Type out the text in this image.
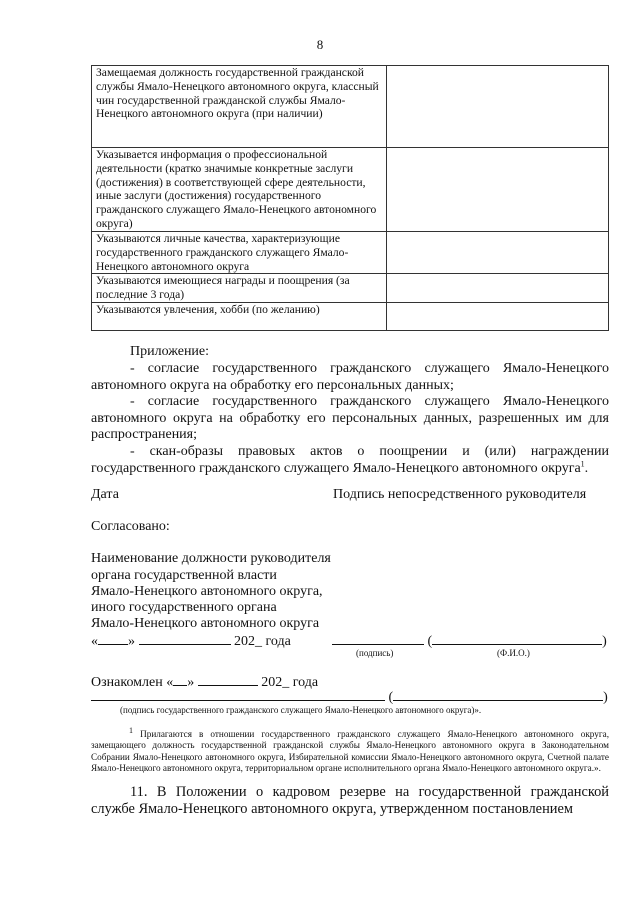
8
Замещаемая должность государственной гражданской службы Ямало-Ненецкого автономного округа, классный чин государственной гражданской службы Ямало-Ненецкого автономного округа (при наличии)	
Указывается информация о профессиональной деятельности (кратко значимые конкретные заслуги (достижения) в соответствующей сфере деятельности, иные заслуги (достижения) государственного гражданского служащего Ямало-Ненецкого автономного округа)	
Указываются личные качества, характеризующие государственного гражданского служащего Ямало-Ненецкого автономного округа	
Указываются имеющиеся награды и поощрения (за последние 3 года)	
Указываются увлечения, хобби (по желанию)	
Приложение:
- согласие государственного гражданского служащего Ямало-Ненецкого автономного округа на обработку его персональных данных;
- согласие государственного гражданского служащего Ямало-Ненецкого автономного округа на обработку его персональных данных, разрешенных им для распространения;
- скан-образы правовых актов о поощрении и (или) награждении государственного гражданского служащего Ямало-Ненецкого автономного округа$^1$.
Дата	Подпись непосредственного руководителя
Согласовано:
Наименование должности руководителя
органа государственной власти
Ямало-Ненецкого автономного округа,
иного государственного органа
Ямало-Ненецкого автономного округа
« »	202_ года	(	)
(подпись)	(Ф.И.О.)
Ознакомлен « »	202_ года
(	)
(подпись государственного гражданского служащего Ямало-Ненецкого автономного округа)».
1 Прилагаются в отношении государственного гражданского служащего Ямало-Ненецкого автономного округа, замещающего должность государственной гражданской службы Ямало-Ненецкого автономного округа в Законодательном Собрании Ямало-Ненецкого автономного округа, Избирательной комиссии Ямало-Ненецкого автономного округа, Счетной палате Ямало-Ненецкого автономного округа, территориальном органе исполнительного органа Ямало-Ненецкого автономного округа.».
11. В Положении о кадровом резерве на государственной гражданской службе Ямало-Ненецкого автономного округа, утвержденном постановлением
